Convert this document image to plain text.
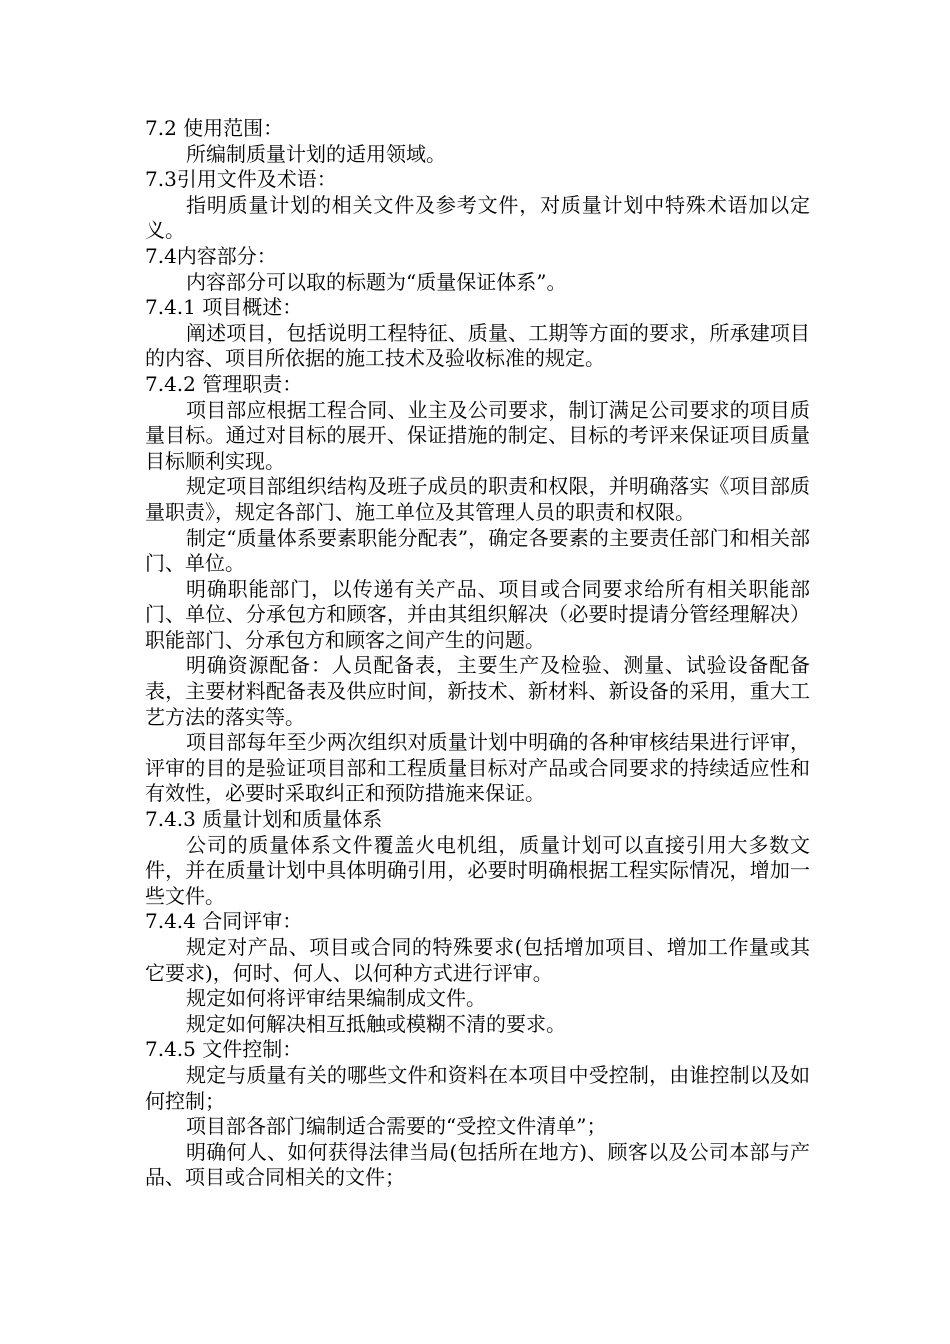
7.2 使用范围：

所编制质量计划的适用领域。

7.3引用文件及术语：

指明质量计划的相关文件及参考文件，对质量计划中特殊术语加以定义。

7.4内容部分：

内容部分可以取的标题为“质量保证体系”。

7.4.1 项目概述：

阐述项目，包括说明工程特征、质量、工期等方面的要求，所承建项目的内容、项目所依据的施工技术及验收标准的规定。

7.4.2 管理职责：

项目部应根据工程合同、业主及公司要求，制订满足公司要求的项目质量目标。通过对目标的展开、保证措施的制定、目标的考评来保证项目质量目标顺利实现。

规定项目部组织结构及班子成员的职责和权限，并明确落实《项目部质量职责》，规定各部门、施工单位及其管理人员的职责和权限。

制定“质量体系要素职能分配表”，确定各要素的主要责任部门和相关部门、单位。

明确职能部门，以传递有关产品、项目或合同要求给所有相关职能部门、单位、分承包方和顾客，并由其组织解决（必要时提请分管经理解决）职能部门、分承包方和顾客之间产生的问题。

明确资源配备：人员配备表，主要生产及检验、测量、试验设备配备表，主要材料配备表及供应时间，新技术、新材料、新设备的采用，重大工艺方法的落实等。

项目部每年至少两次组织对质量计划中明确的各种审核结果进行评审，评审的目的是验证项目部和工程质量目标对产品或合同要求的持续适应性和有效性，必要时采取纠正和预防措施来保证。

7.4.3 质量计划和质量体系

公司的质量体系文件覆盖火电机组，质量计划可以直接引用大多数文件，并在质量计划中具体明确引用，必要时明确根据工程实际情况，增加一些文件。

7.4.4 合同评审：

规定对产品、项目或合同的特殊要求(包括增加项目、增加工作量或其它要求)，何时、何人、以何种方式进行评审。

规定如何将评审结果编制成文件。

规定如何解决相互抵触或模糊不清的要求。

7.4.5 文件控制：

规定与质量有关的哪些文件和资料在本项目中受控制，由谁控制以及如何控制；

项目部各部门编制适合需要的“受控文件清单”；

明确何人、如何获得法律当局(包括所在地方)、顾客以及公司本部与产品、项目或合同相关的文件；
